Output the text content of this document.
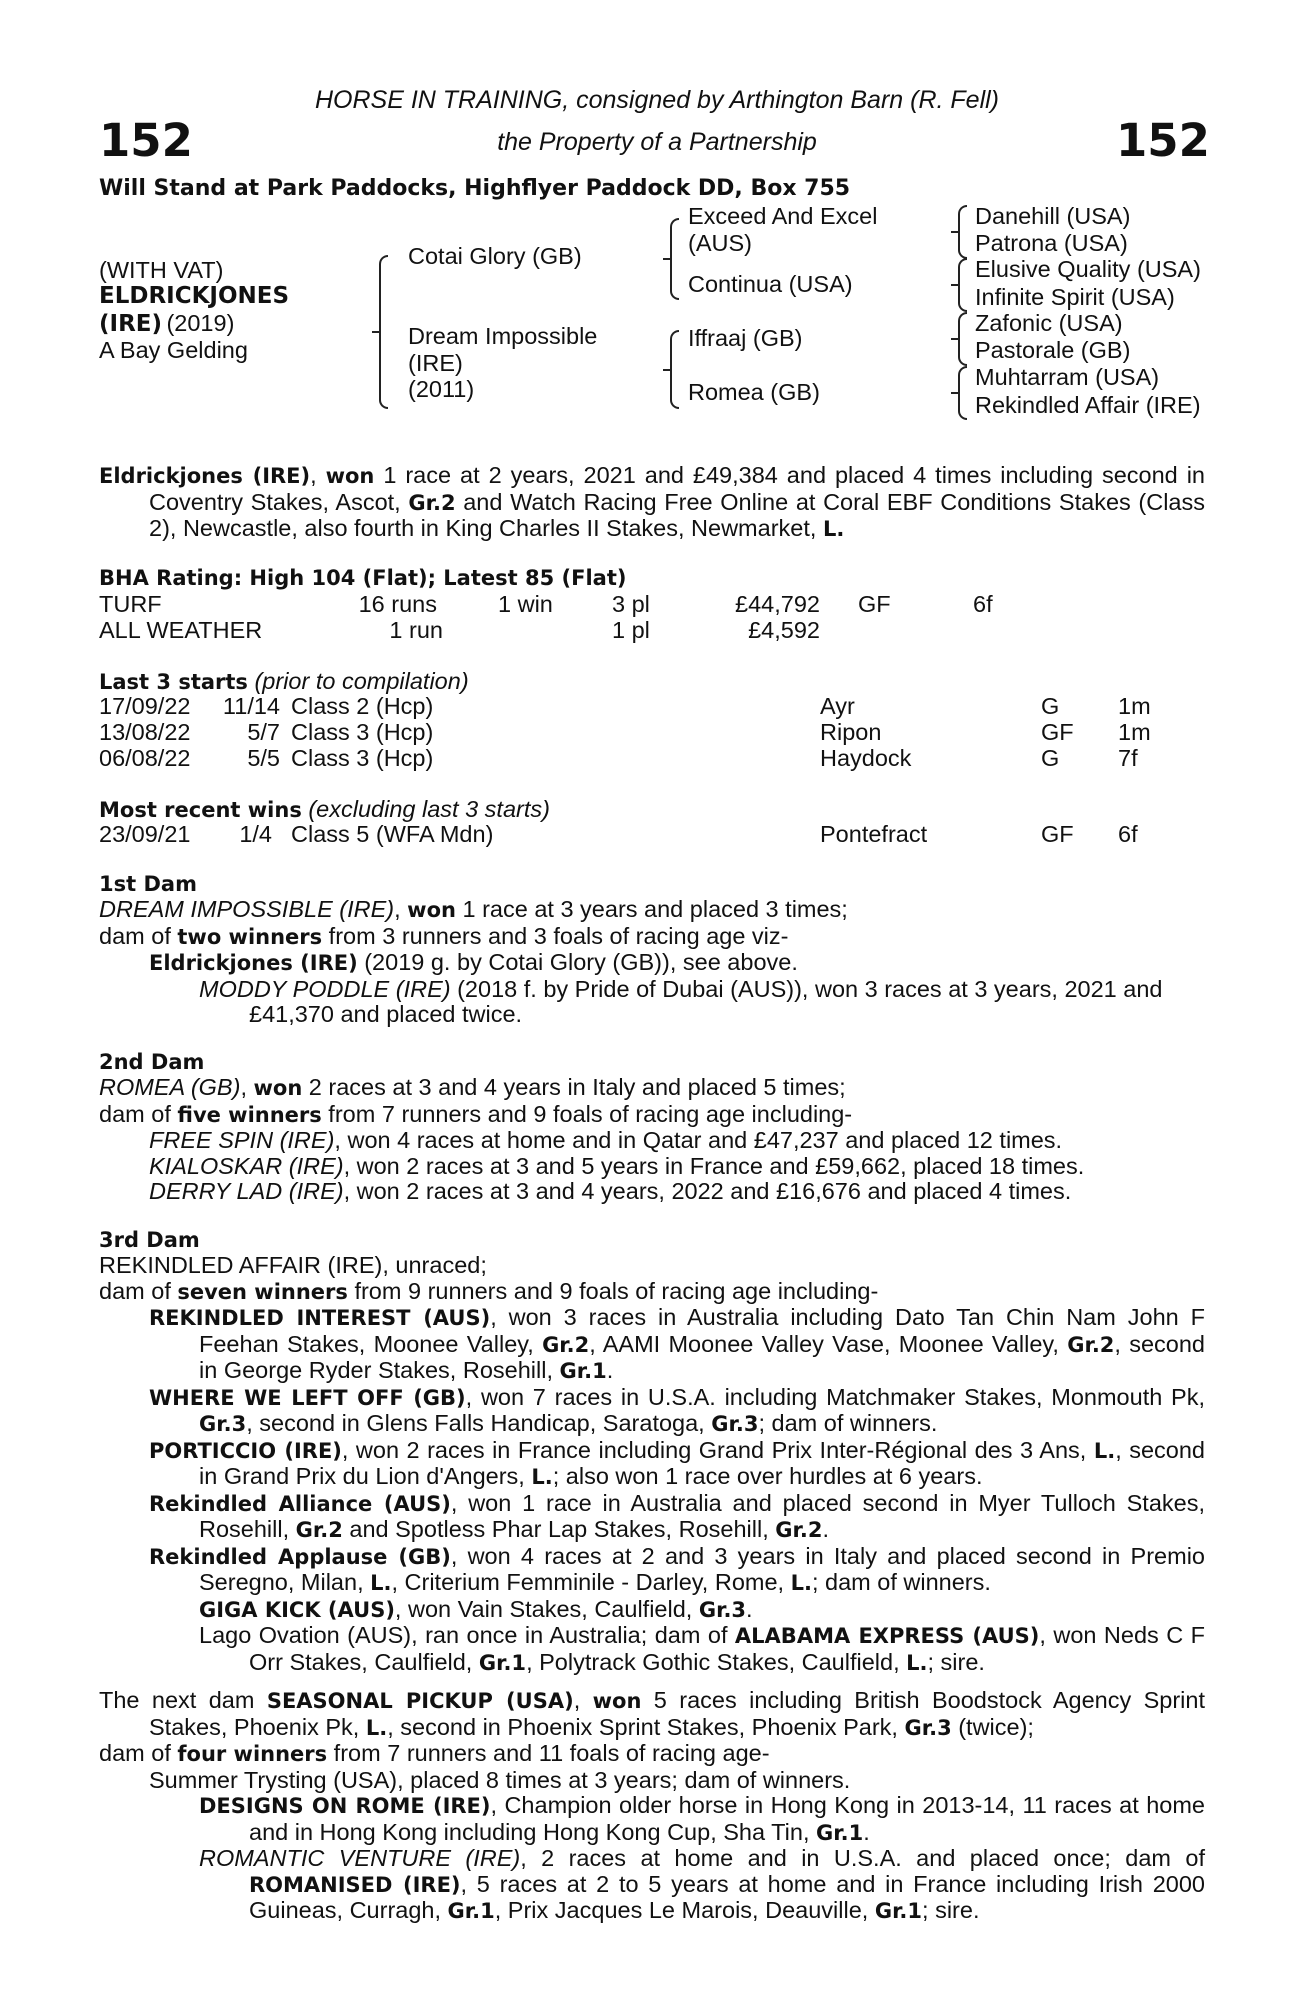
HORSE IN TRAINING, consigned by Arthington Barn (R. Fell)
the Property of a Partnership
152	152
Will Stand at Park Paddocks, Highflyer Paddock DD, Box 755
(WITH VAT)
ELDRICKJONES
(IRE) (2019)
A Bay Gelding
Cotai Glory (GB)
Dream Impossible
(IRE)
(2011)
Exceed And Excel
(AUS)
Continua (USA)
Iffraaj (GB)
Romea (GB)
Danehill (USA)
Patrona (USA)
Elusive Quality (USA)
Infinite Spirit (USA)
Zafonic (USA)
Pastorale (GB)
Muhtarram (USA)
Rekindled Affair (IRE)

Eldrickjones (IRE), won 1 race at 2 years, 2021 and £49,384 and placed 4 times including second in Coventry Stakes, Ascot, Gr.2 and Watch Racing Free Online at Coral EBF Conditions Stakes (Class 2), Newcastle, also fourth in King Charles II Stakes, Newmarket, L.

BHA Rating: High 104 (Flat); Latest 85 (Flat)
TURF	16 runs	1 win	3 pl	£44,792 GF	6f
ALL WEATHER	1 run	1 pl	£4,592
Last 3 starts (prior to compilation)
17/09/22	11/14 Class 2 (Hcp)	Ayr	G 1m
13/08/22	5/7 Class 3 (Hcp)	Ripon	GF 1m
06/08/22	5/5 Class 3 (Hcp)	Haydock	G 7f
Most recent wins (excluding last 3 starts)
23/09/21	1/4 Class 5 (WFA Mdn)	Pontefract	GF 6f
1st Dam

DREAM IMPOSSIBLE (IRE), won 1 race at 3 years and placed 3 times;

dam of two winners from 3 runners and 3 foals of racing age viz-

Eldrickjones (IRE) (2019 g. by Cotai Glory (GB)), see above.

MODDY PODDLE (IRE) (2018 f. by Pride of Dubai (AUS)), won 3 races at 3 years, 2021 and £41,370 and placed twice.

2nd Dam

ROMEA (GB), won 2 races at 3 and 4 years in Italy and placed 5 times;

dam of five winners from 7 runners and 9 foals of racing age including-

FREE SPIN (IRE), won 4 races at home and in Qatar and £47,237 and placed 12 times.

KIALOSKAR (IRE), won 2 races at 3 and 5 years in France and £59,662, placed 18 times.

DERRY LAD (IRE), won 2 races at 3 and 4 years, 2022 and £16,676 and placed 4 times.

3rd Dam

REKINDLED AFFAIR (IRE), unraced;

dam of seven winners from 9 runners and 9 foals of racing age including-

REKINDLED INTEREST (AUS), won 3 races in Australia including Dato Tan Chin Nam John F Feehan Stakes, Moonee Valley, Gr.2, AAMI Moonee Valley Vase, Moonee Valley, Gr.2, second in George Ryder Stakes, Rosehill, Gr.1.

WHERE WE LEFT OFF (GB), won 7 races in U.S.A. including Matchmaker Stakes, Monmouth Pk, Gr.3, second in Glens Falls Handicap, Saratoga, Gr.3; dam of winners.

PORTICCIO (IRE), won 2 races in France including Grand Prix Inter-Régional des 3 Ans, L., second in Grand Prix du Lion d'Angers, L.; also won 1 race over hurdles at 6 years.

Rekindled Alliance (AUS), won 1 race in Australia and placed second in Myer Tulloch Stakes, Rosehill, Gr.2 and Spotless Phar Lap Stakes, Rosehill, Gr.2.

Rekindled Applause (GB), won 4 races at 2 and 3 years in Italy and placed second in Premio Seregno, Milan, L., Criterium Femminile - Darley, Rome, L.; dam of winners.

GIGA KICK (AUS), won Vain Stakes, Caulfield, Gr.3.

Lago Ovation (AUS), ran once in Australia; dam of ALABAMA EXPRESS (AUS), won Neds C F Orr Stakes, Caulfield, Gr.1, Polytrack Gothic Stakes, Caulfield, L.; sire.

The next dam SEASONAL PICKUP (USA), won 5 races including British Boodstock Agency Sprint Stakes, Phoenix Pk, L., second in Phoenix Sprint Stakes, Phoenix Park, Gr.3 (twice);

dam of four winners from 7 runners and 11 foals of racing age-

Summer Trysting (USA), placed 8 times at 3 years; dam of winners.

DESIGNS ON ROME (IRE), Champion older horse in Hong Kong in 2013-14, 11 races at home and in Hong Kong including Hong Kong Cup, Sha Tin, Gr.1.

ROMANTIC VENTURE (IRE), 2 races at home and in U.S.A. and placed once; dam of ROMANISED (IRE), 5 races at 2 to 5 years at home and in France including Irish 2000 Guineas, Curragh, Gr.1, Prix Jacques Le Marois, Deauville, Gr.1; sire.
